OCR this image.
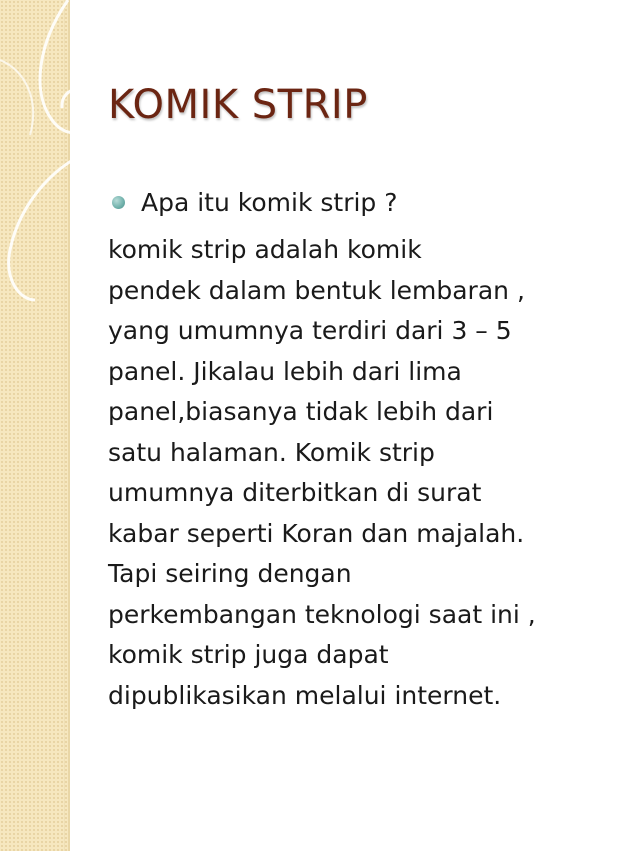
KOMIK STRIP
Apa itu komik strip ?
komik strip adalah komik
pendek dalam bentuk lembaran ,
yang umumnya terdiri dari 3 – 5
panel. Jikalau lebih dari lima
panel,biasanya tidak lebih dari
satu halaman. Komik strip
umumnya diterbitkan di surat
kabar seperti Koran dan majalah.
Tapi seiring dengan
perkembangan teknologi saat ini ,
komik strip juga dapat
dipublikasikan melalui internet.
